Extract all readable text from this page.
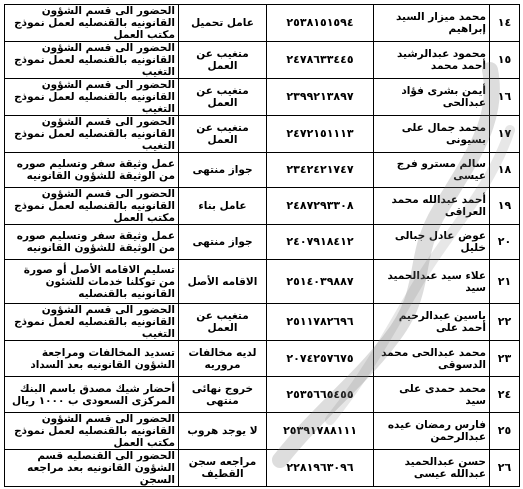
١٤	محمد ميزار السيد إبراهيم	٢٥٣٨١٥١٥٩٤	عامل تحميل	الحضور الى قسم الشؤون القانونيه بالقنصليه لعمل نموذج مكتب العمل
١٥	محمود عبدالرشيد أحمد محمد	٢٤٧٨٦٣٣٤٤٥	متغيب عن العمل	الحضور الى قسم الشؤون القانونيه بالقنصليه لعمل نموذج التغيب
١٦	أيمن بشرى فؤاد عبدالحى	٢٣٩٩٢١٣٨٩٧	متغيب عن العمل	الحضور الى قسم الشؤون القانونيه بالقنصليه لعمل نموذج التغيب
١٧	محمد جمال على بسيونى	٢٤٧٢١٥١١١٣	متغيب عن العمل	الحضور الى قسم الشؤون القانونيه بالقنصليه لعمل نموذج التغيب
١٨	سالم مسترو فرج عيسى	٢٣٤٢٤٢١٧٤٧	جواز منتهى	عمل وثيقة سفر وتسليم صوره من الوثيقة للشؤون القانونيه
١٩	أحمد عبدالله محمد العراقى	٢٤٨٧٢٩٣٣٠٨	عامل بناء	الحضور الى قسم الشؤون القانونيه بالقنصليه لعمل نموذج مكتب العمل
٢٠	عوض عادل جبالى خليل	٢٤٠٧٩١٨٤١٢	جواز منتهى	عمل وثيقة سفر وتسليم صوره من الوثيقة للشؤون القانونيه
٢١	علاء سيد عبدالحميد سيد	٢٥١٤٠٣٩٨٨٧	الاقامه الأصل	تسليم الاقامه الأصل أو صورة من توكلنا خدمات للشئون القانونيه بالقنصليه
٢٢	ياسين عبدالرحيم أحمد على	٢٥١١٧٨٢٦٩٦	متغيب عن العمل	الحضور الى قسم الشؤون القانونيه بالقنصليه لعمل نموذج التغيب
٢٣	محمد عبدالحى محمد الدسوقى	٢٠٧٤٢٥٧٦٧٥	لديه مخالفات مروريه	تسديد المخالفات ومراجعة الشؤون القانونيه بعد السداد
٢٤	محمد حمدى على سيد	٢٥٣٥٦٦٥٤٥٥	خروج نهائى منتهى	أحضار شيك مصدق باسم البنك المركزى السعودى ب ١٠٠٠ ريال
٢٥	فارس رمضان عيده عبدالرحمن	٢٥٣٩١٧٨٨١١١	لا يوجد هروب	الحضور الى قسم الشؤون القانونيه بالقنصليه لعمل نموذج مكتب العمل
٢٦	حسن عبدالحميد عبدالله عيسى	٢٢٨١٩٦٣٠٩٦	مراجعه سجن القطيف	الحضور الى القنصليه قسم الشؤون القانونيه بعد مراجعه السجن
